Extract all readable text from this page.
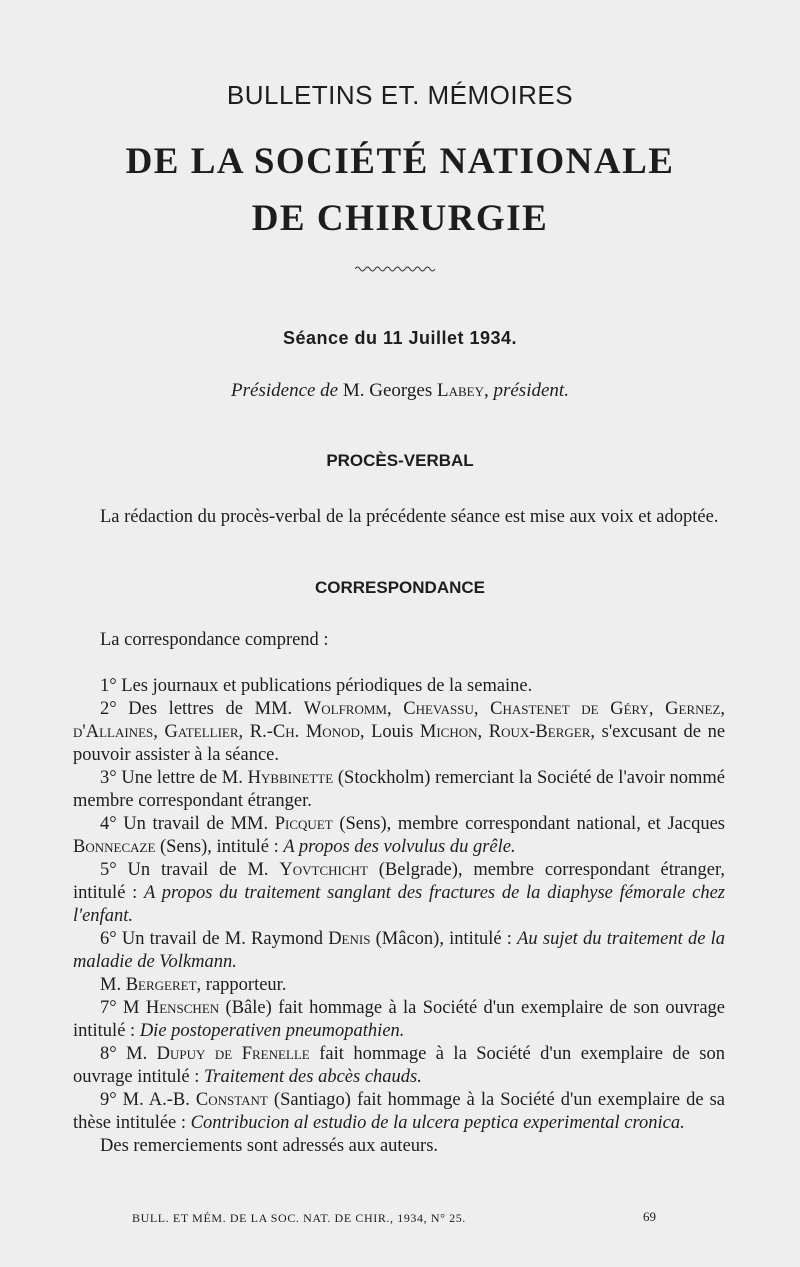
BULLETINS ET. MÉMOIRES
DE LA SOCIÉTÉ NATIONALE
DE CHIRURGIE
Séance du 11 Juillet 1934.
Présidence de M. Georges Labey, président.
PROCÈS-VERBAL
La rédaction du procès-verbal de la précédente séance est mise aux voix et adoptée.
CORRESPONDANCE
La correspondance comprend :

1° Les journaux et publications périodiques de la semaine.

2° Des lettres de MM. Wolfromm, Chevassu, Chastenet de Géry, Gernez, d'Allaines, Gatellier, R.-Ch. Monod, Louis Michon, Roux-Berger, s'excusant de ne pouvoir assister à la séance.

3° Une lettre de M. Hybbinette (Stockholm) remerciant la Société de l'avoir nommé membre correspondant étranger.

4° Un travail de MM. Picquet (Sens), membre correspondant national, et Jacques Bonnecaze (Sens), intitulé : A propos des volvulus du grêle.

5° Un travail de M. Yovtchicht (Belgrade), membre correspondant étranger, intitulé : A propos du traitement sanglant des fractures de la diaphyse fémorale chez l'enfant.

6° Un travail de M. Raymond Denis (Mâcon), intitulé : Au sujet du traitement de la maladie de Volkmann.

M. Bergeret, rapporteur.

7° M Henschen (Bâle) fait hommage à la Société d'un exemplaire de son ouvrage intitulé : Die postoperativen pneumopathien.

8° M. Dupuy de Frenelle fait hommage à la Société d'un exemplaire de son ouvrage intitulé : Traitement des abcès chauds.

9° M. A.-B. Constant (Santiago) fait hommage à la Société d'un exemplaire de sa thèse intitulée : Contribucion al estudio de la ulcera peptica experimental cronica.

Des remerciements sont adressés aux auteurs.

BULL. ET MÉM. DE LA SOC. NAT. DE CHIR., 1934, N° 25.	69
